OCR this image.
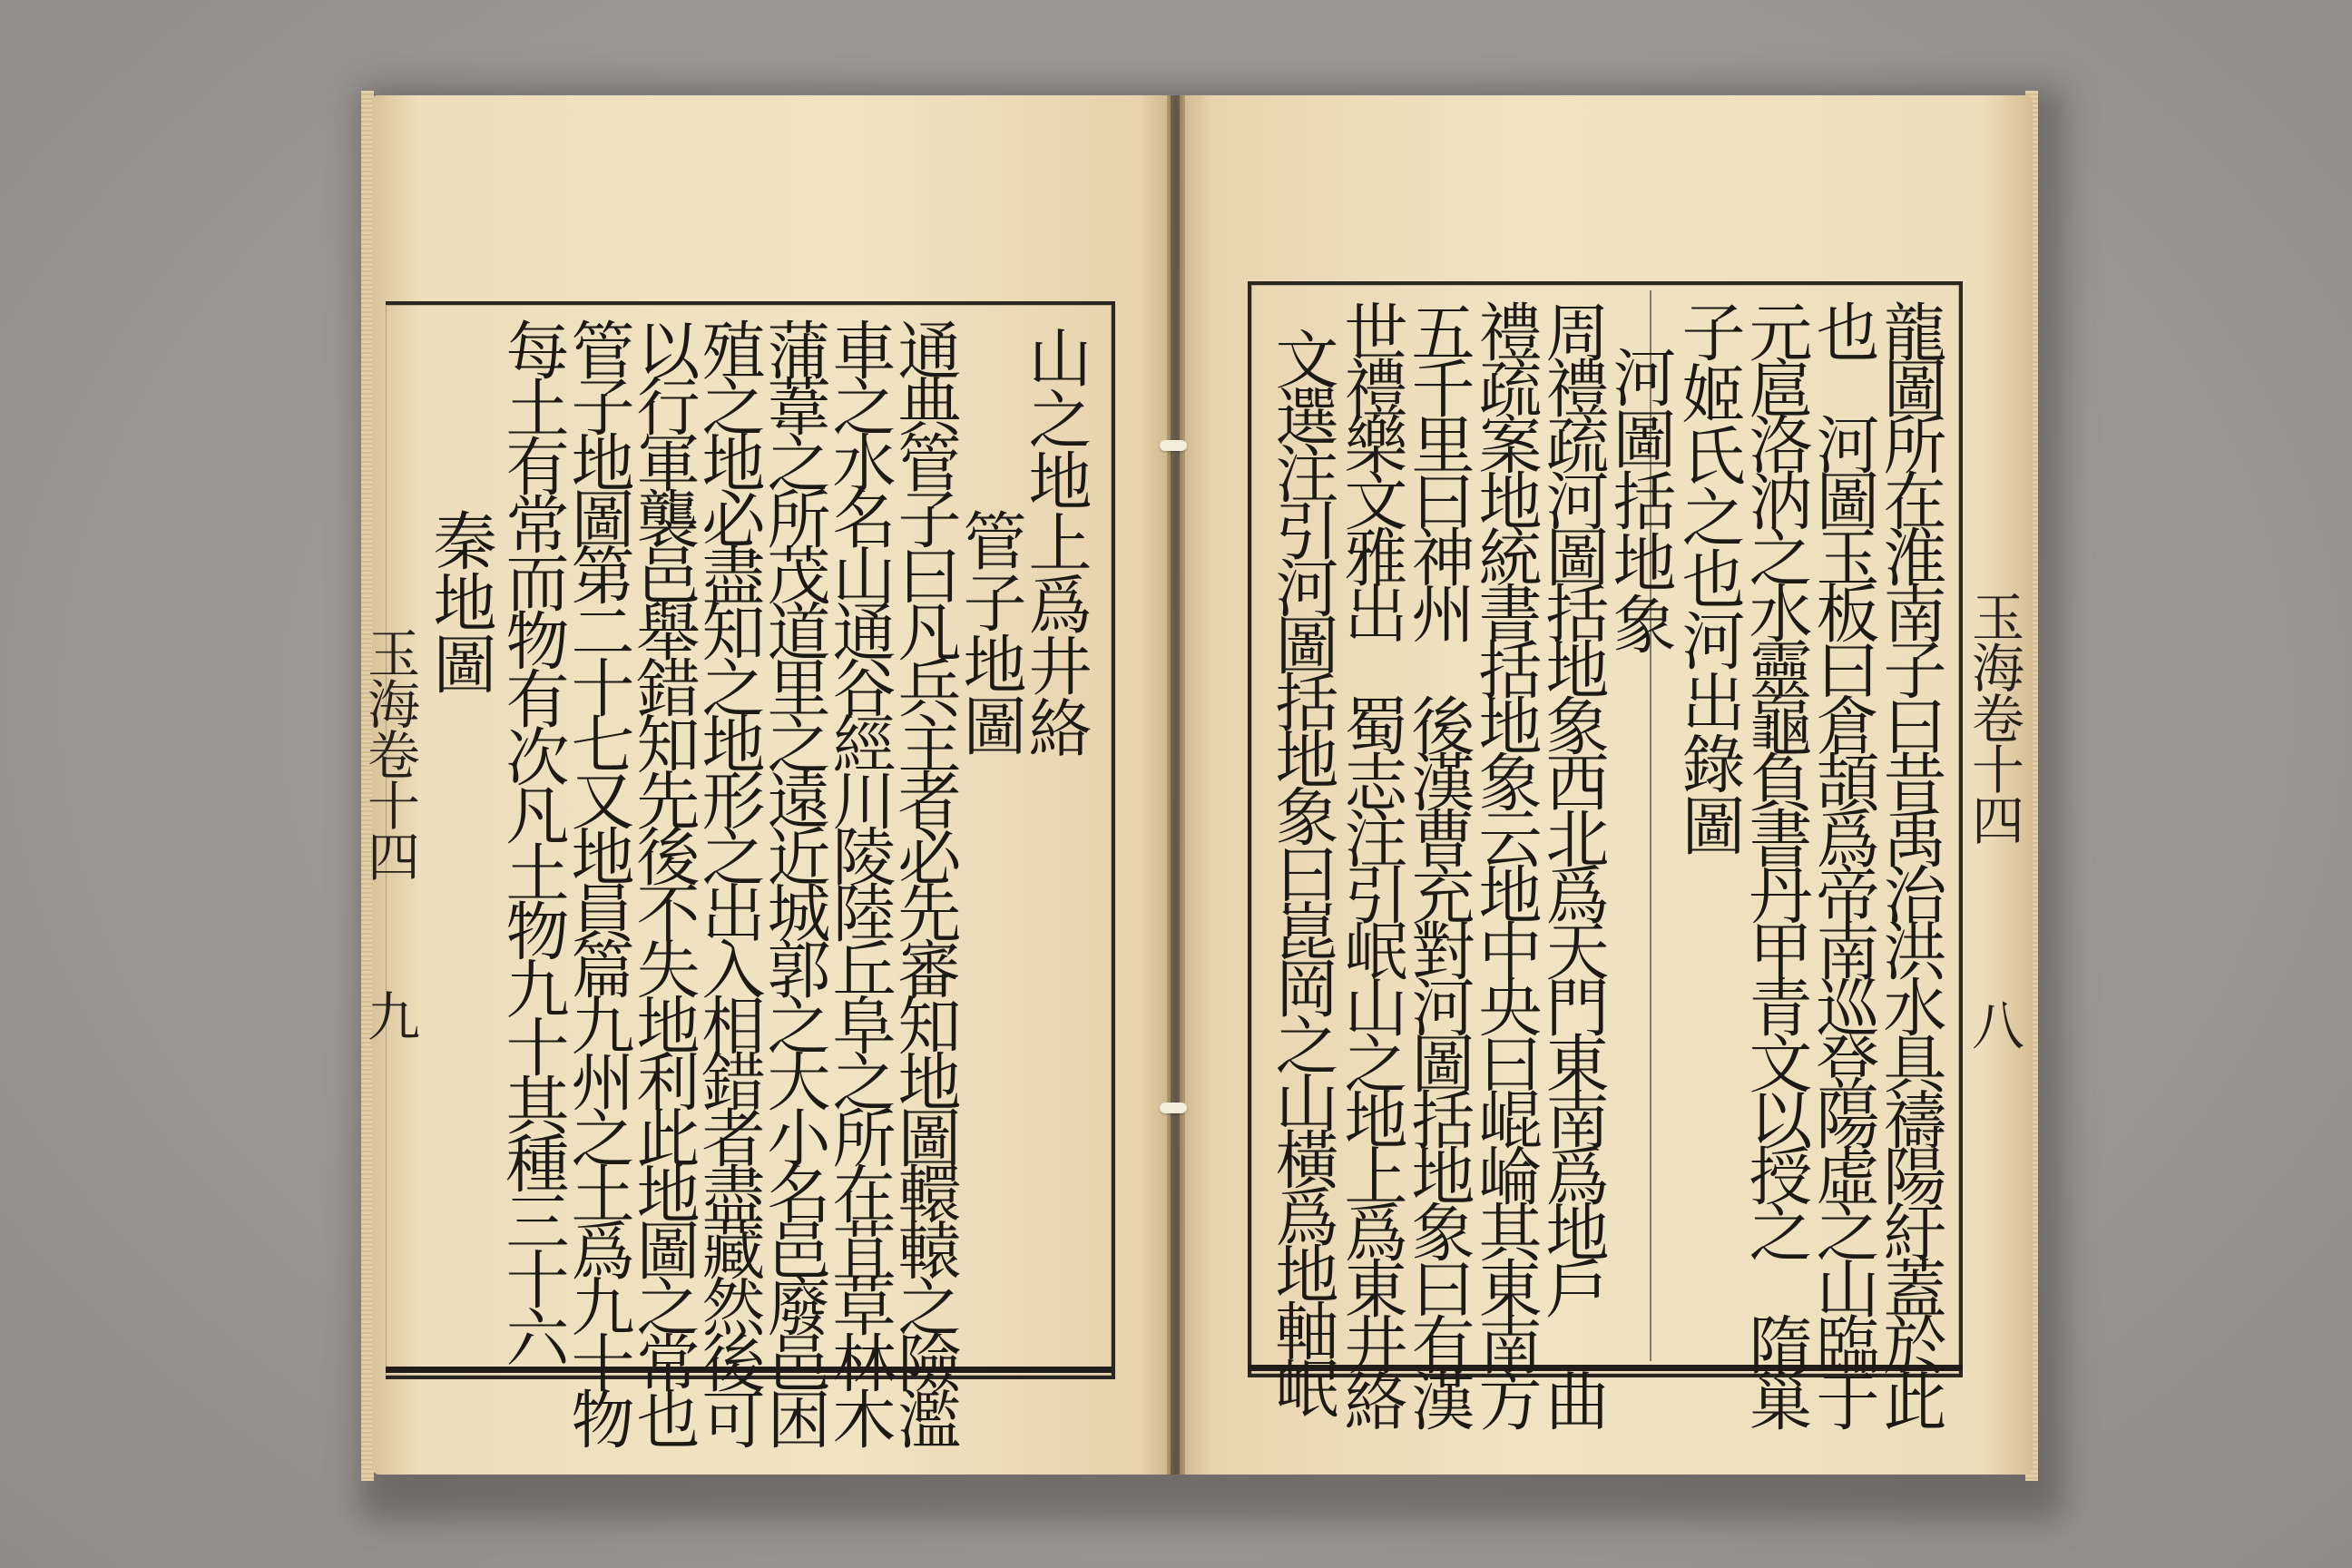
玉海卷十四
九
山之地上爲井絡
管子地圖
通典管子曰凡兵主者必先審知地圖轘轅之險濫
車之水名山通谷經川陵陸丘阜之所在苴草林木
蒲葦之所茂道里之遠近城郭之大小名邑廢邑困
殖之地必盡知之地形之出入相錯者盡藏然後可
以行軍襲邑舉錯知先後不失地利此地圖之常也
管子地圖第二十七又地員篇九州之土爲九十物
每土有常而物有次凡土物九十其種三十六
秦地圖	玉海卷十四
八
龍圖所在淮南子曰昔禹治洪水具禱陽紆蓋於此
也　河圖玉板曰倉頡爲帝南巡登陽虛之山臨于
元扈洛汭之水靈龜負書丹甲青文以授之　隋巢
子姬氏之也河出錄圖
河圖括地象
周禮疏河圖括地象西北爲天門東南爲地戶　曲
禮疏案地統書括地象云地中央曰崐崘其東南方
五千里曰神州　後漢曹充對河圖括地象曰有漢
世禮樂文雅出　蜀志注引岷山之地上爲東井絡
文選注引河圖括地象曰崑岡之山橫爲地軸岷
